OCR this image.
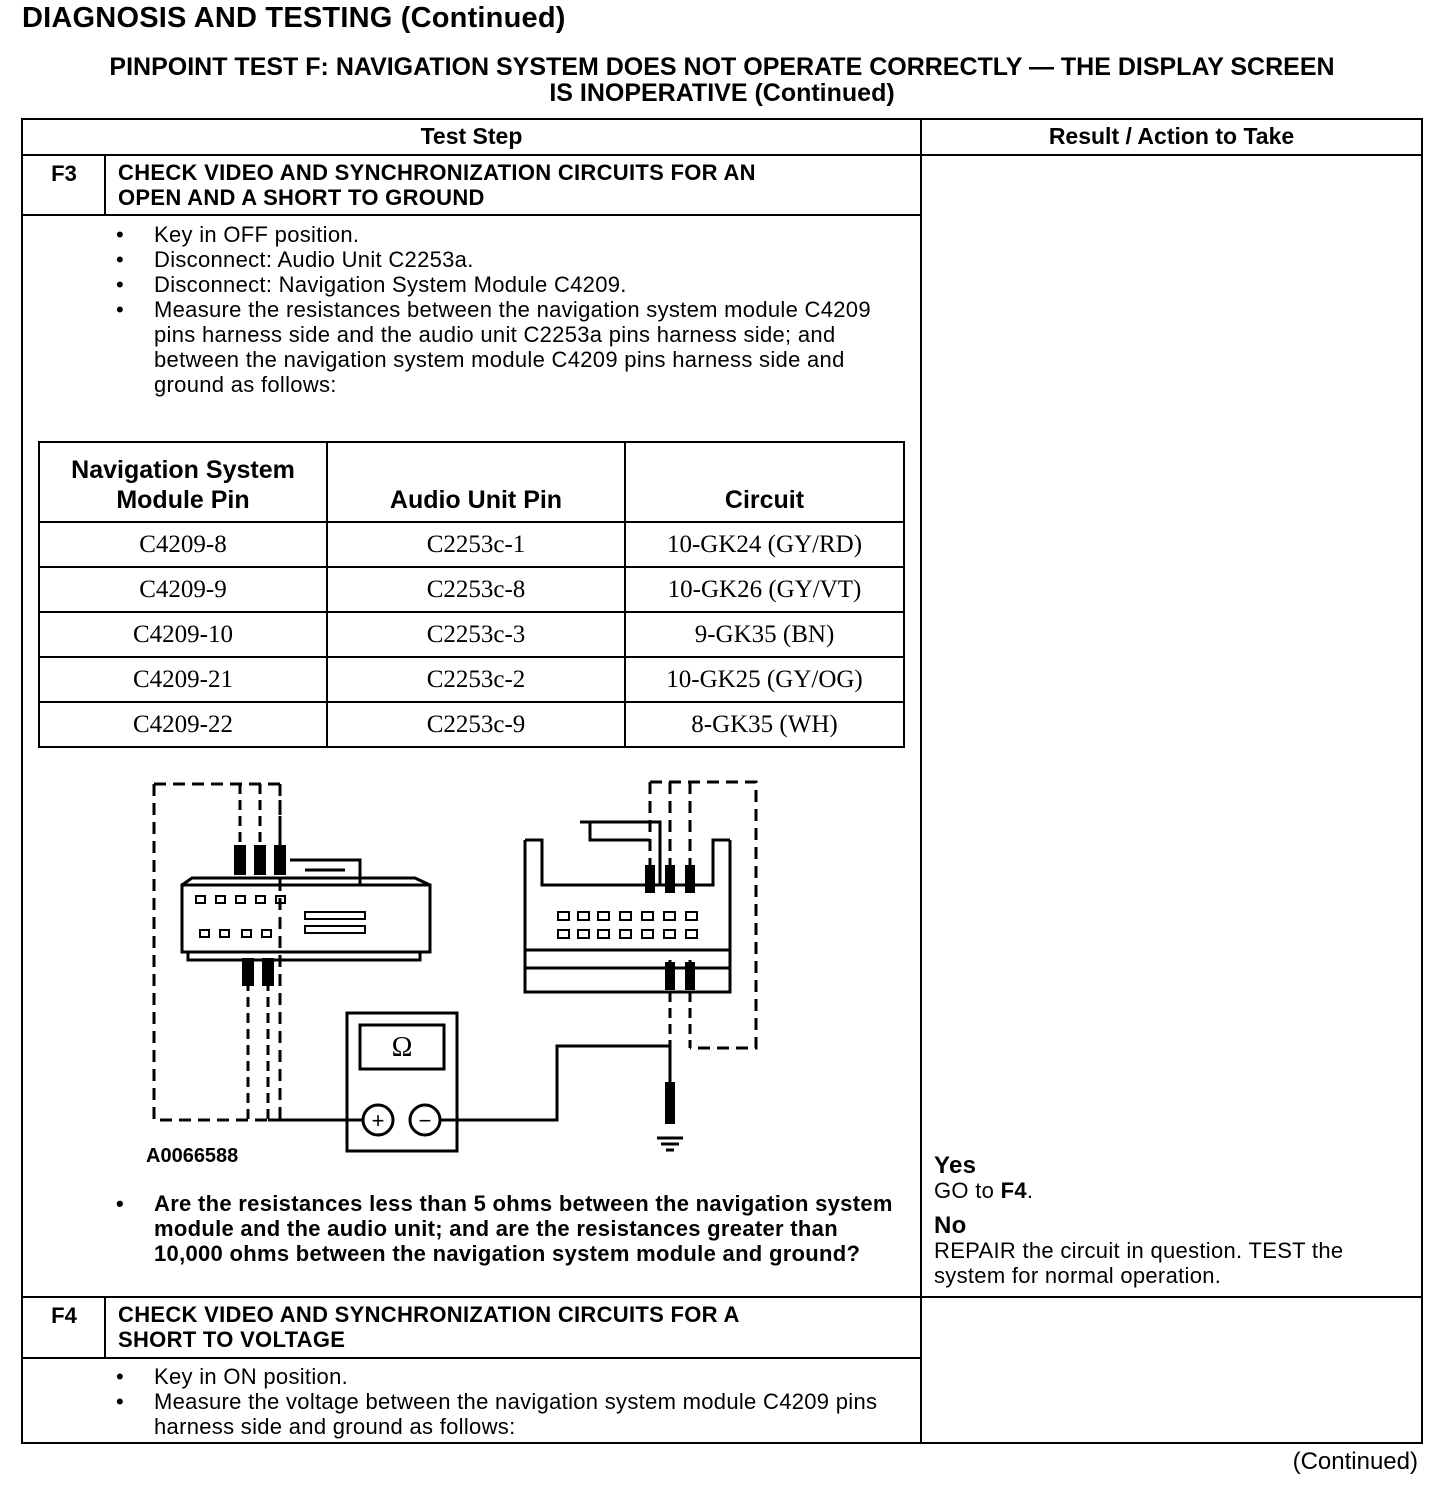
DIAGNOSIS AND TESTING (Continued)
PINPOINT TEST F: NAVIGATION SYSTEM DOES NOT OPERATE CORRECTLY — THE DISPLAY SCREEN
IS INOPERATIVE (Continued)
Test Step	Result / Action to Take
F3	CHECK VIDEO AND SYNCHRONIZATION CIRCUITS FOR AN
OPEN AND A SHORT TO GROUND
• Key in OFF position.
• Disconnect: Audio Unit C2253a.
• Disconnect: Navigation System Module C4209.
• Measure the resistances between the navigation system module C4209 pins harness side and the audio unit C2253a pins harness side; and between the navigation system module C4209 pins harness side and ground as follows:
Navigation System Module Pin	Audio Unit Pin	Circuit
C4209-8	C2253c-1	10-GK24 (GY/RD)
C4209-9	C2253c-8	10-GK26 (GY/VT)
C4209-10	C2253c-3	9-GK35 (BN)
C4209-21	C2253c-2	10-GK25 (GY/OG)
C4209-22	C2253c-9	8-GK35 (WH)
Ω
+ −
A0066588
• Are the resistances less than 5 ohms between the navigation system module and the audio unit; and are the resistances greater than 10,000 ohms between the navigation system module and ground?
Yes
GO to F4.
No
REPAIR the circuit in question. TEST the system for normal operation.
F4	CHECK VIDEO AND SYNCHRONIZATION CIRCUITS FOR A
SHORT TO VOLTAGE
• Key in ON position.
• Measure the voltage between the navigation system module C4209 pins harness side and ground as follows:
(Continued)
